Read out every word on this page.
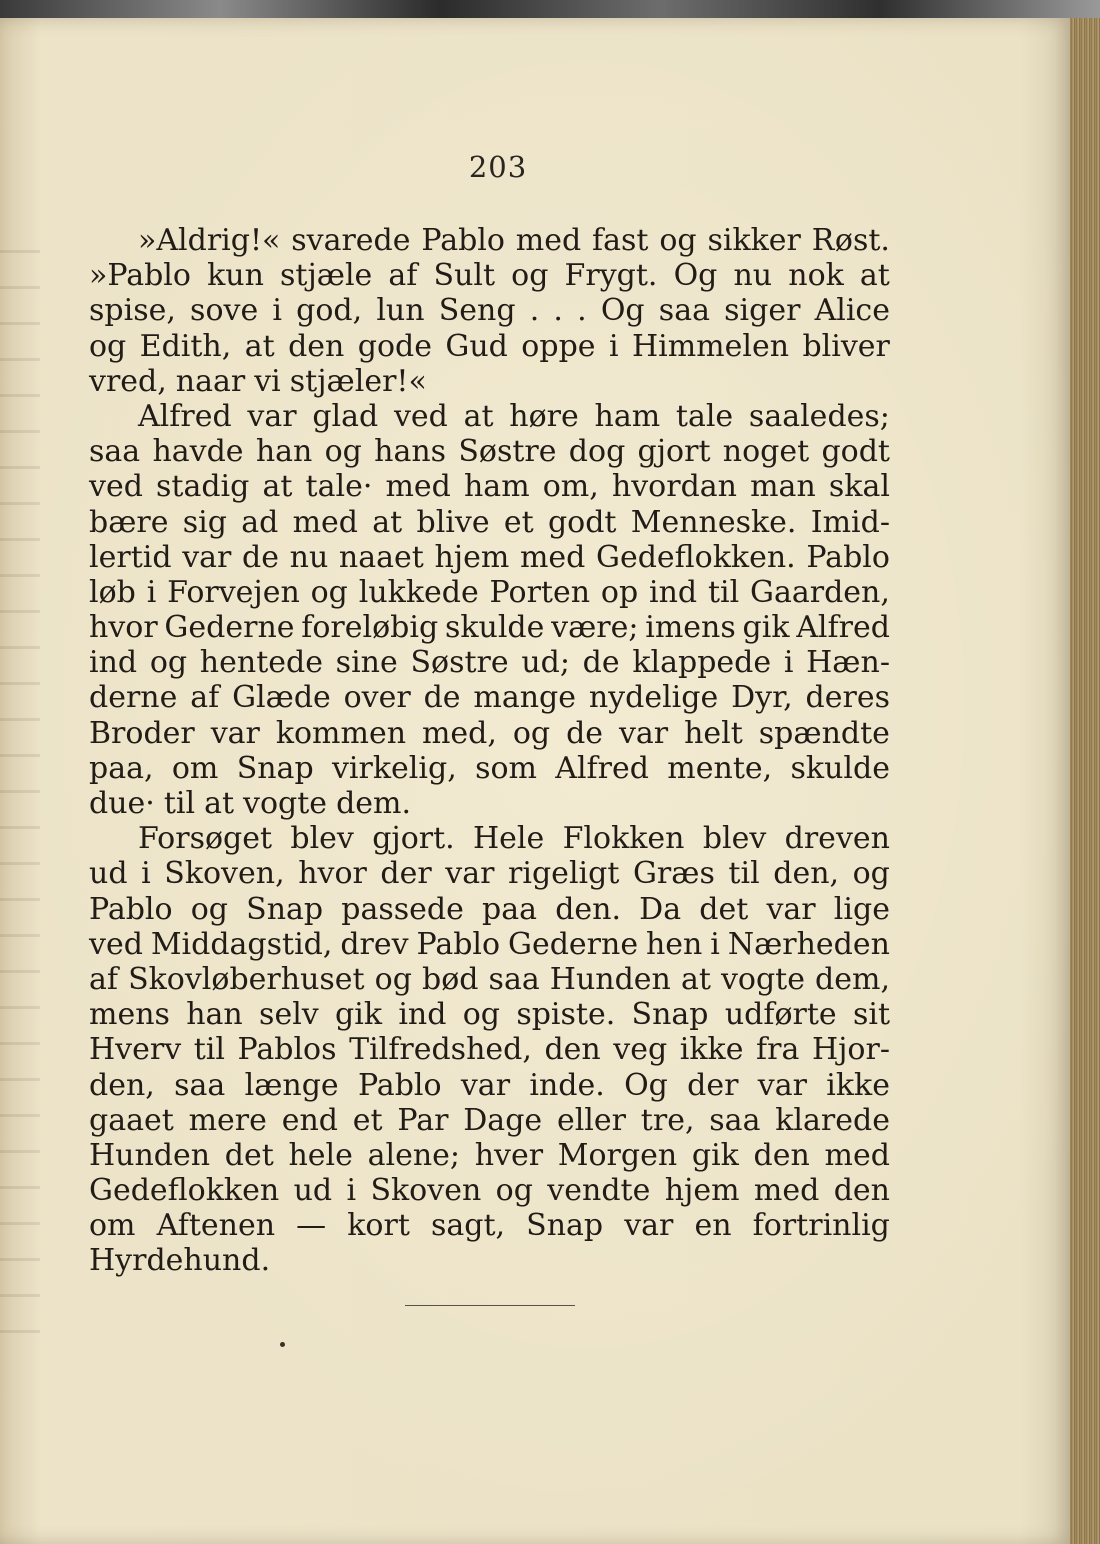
203
»Aldrig!« svarede Pablo med fast og sikker Røst.
»Pablo kun stjæle af Sult og Frygt. Og nu nok at
spise, sove i god, lun Seng . . . Og saa siger Alice
og Edith, at den gode Gud oppe i Himmelen bliver
vred, naar vi stjæler!«
Alfred var glad ved at høre ham tale saaledes;
saa havde han og hans Søstre dog gjort noget godt
ved stadig at tale· med ham om, hvordan man skal
bære sig ad med at blive et godt Menneske. Imid-
lertid var de nu naaet hjem med Gedeflokken. Pablo
løb i Forvejen og lukkede Porten op ind til Gaarden,
hvor Gederne foreløbig skulde være; imens gik Alfred
ind og hentede sine Søstre ud; de klappede i Hæn-
derne af Glæde over de mange nydelige Dyr, deres
Broder var kommen med, og de var helt spændte
paa, om Snap virkelig, som Alfred mente, skulde
due· til at vogte dem.
Forsøget blev gjort. Hele Flokken blev dreven
ud i Skoven, hvor der var rigeligt Græs til den, og
Pablo og Snap passede paa den. Da det var lige
ved Middagstid, drev Pablo Gederne hen i Nærheden
af Skovløberhuset og bød saa Hunden at vogte dem,
mens han selv gik ind og spiste. Snap udførte sit
Hverv til Pablos Tilfredshed, den veg ikke fra Hjor-
den, saa længe Pablo var inde. Og der var ikke
gaaet mere end et Par Dage eller tre, saa klarede
Hunden det hele alene; hver Morgen gik den med
Gedeflokken ud i Skoven og vendte hjem med den
om Aftenen — kort sagt, Snap var en fortrinlig
Hyrdehund.
